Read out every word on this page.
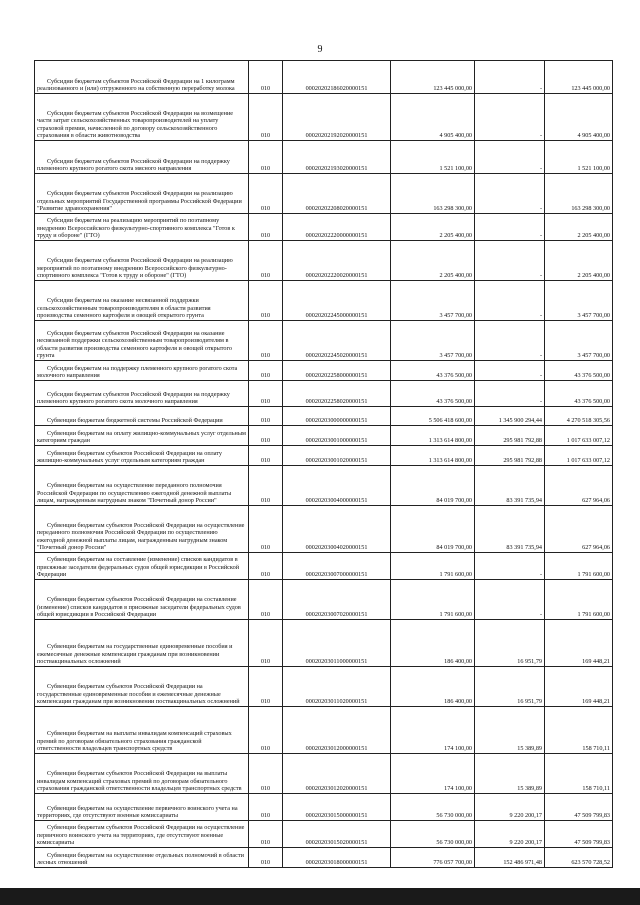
9
Субсидии бюджетам субъектов Российской Федерации на 1 килограмм реализованного и (или) отгруженного на собственную переработку молока	010	00020202186020000151	123 445 000,00	-	123 445 000,00
Субсидии бюджетам субъектов Российской Федерации на возмещение части затрат сельскохозяйственных товаропроизводителей на уплату страховой премии, начисленной по договору сельскохозяйственного страхования в области животноводства	010	00020202192020000151	4 905 400,00	-	4 905 400,00
Субсидии бюджетам субъектов Российской Федерации на поддержку племенного крупного рогатого скота мясного направления	010	00020202193020000151	1 521 100,00	-	1 521 100,00
Субсидии бюджетам субъектов Российской Федерации на реализацию отдельных мероприятий Государственной программы Российской Федерации "Развитие здравоохранения"	010	00020202208020000151	163 298 300,00	-	163 298 300,00
Субсидии бюджетам на реализацию мероприятий по поэтапному внедрению Всероссийского физкультурно-спортивного комплекса "Готов к труду и обороне" (ГТО)	010	00020202220000000151	2 205 400,00	-	2 205 400,00
Субсидии бюджетам субъектов Российской Федерации на реализацию мероприятий по поэтапному внедрению Всероссийского физкультурно-спортивного комплекса "Готов к труду и обороне" (ГТО)	010	00020202220020000151	2 205 400,00	-	2 205 400,00
Субсидии бюджетам на оказание несвязанной поддержки сельскохозяйственным товаропроизводителям в области развития производства семенного картофеля и овощей открытого грунта	010	00020202245000000151	3 457 700,00	-	3 457 700,00
Субсидии бюджетам субъектов Российской Федерации на оказание несвязанной поддержки сельскохозяйственным товаропроизводителям в области развития производства семенного картофеля и овощей открытого грунта	010	00020202245020000151	3 457 700,00	-	3 457 700,00
Субсидии бюджетам на поддержку племенного крупного рогатого скота молочного направления	010	00020202258000000151	43 376 500,00	-	43 376 500,00
Субсидии бюджетам субъектов Российской Федерации на поддержку племенного крупного рогатого скота молочного направления	010	00020202258020000151	43 376 500,00	-	43 376 500,00
Субвенции бюджетам бюджетной системы Российской Федерации	010	00020203000000000151	5 506 418 600,00	1 345 900 294,44	4 270 518 305,56
Субвенции бюджетам на оплату жилищно-коммунальных услуг отдельным категориям граждан	010	00020203001000000151	1 313 614 800,00	295 981 792,88	1 017 633 007,12
Субвенции бюджетам субъектов Российской Федерации на оплату жилищно-коммунальных услуг отдельным категориям граждан	010	00020203001020000151	1 313 614 800,00	295 981 792,88	1 017 633 007,12
Субвенции бюджетам на осуществление переданного полномочия Российской Федерации по осуществлению ежегодной денежной выплаты лицам, награжденным нагрудным знаком "Почетный донор России"	010	00020203004000000151	84 019 700,00	83 391 735,94	627 964,06
Субвенции бюджетам субъектов Российской Федерации на осуществление переданного полномочия Российской Федерации по осуществлению ежегодной денежной выплаты лицам, награжденным нагрудным знаком "Почетный донор России"	010	00020203004020000151	84 019 700,00	83 391 735,94	627 964,06
Субвенции бюджетам на составление (изменение) списков кандидатов в присяжные заседатели федеральных судов общей юрисдикции в Российской Федерации	010	00020203007000000151	1 791 600,00	-	1 791 600,00
Субвенции бюджетам субъектов Российской Федерации на составление (изменение) списков кандидатов в присяжные заседатели федеральных судов общей юрисдикции в Российской Федерации	010	00020203007020000151	1 791 600,00	-	1 791 600,00
Субвенции бюджетам на государственные единовременные пособия и ежемесячные денежные компенсации гражданам при возникновении поствакцинальных осложнений	010	00020203011000000151	186 400,00	16 951,79	169 448,21
Субвенции бюджетам субъектов Российской Федерации на государственные единовременные пособия и ежемесячные денежные компенсации гражданам при возникновении поствакцинальных осложнений	010	00020203011020000151	186 400,00	16 951,79	169 448,21
Субвенции бюджетам на выплаты инвалидам компенсаций страховых премий по договорам обязательного страхования гражданской ответственности владельцев транспортных средств	010	00020203012000000151	174 100,00	15 389,89	158 710,11
Субвенции бюджетам субъектов Российской Федерации на выплаты инвалидам компенсаций страховых премий по договорам обязательного страхования гражданской ответственности владельцев транспортных средств	010	00020203012020000151	174 100,00	15 389,89	158 710,11
Субвенции бюджетам на осуществление первичного воинского учета на территориях, где отсутствуют военные комиссариаты	010	00020203015000000151	56 730 000,00	9 220 200,17	47 509 799,83
Субвенции бюджетам субъектов Российской Федерации на осуществление первичного воинского учета на территориях, где отсутствуют военные комиссариаты	010	00020203015020000151	56 730 000,00	9 220 200,17	47 509 799,83
Субвенции бюджетам на осуществление отдельных полномочий в области лесных отношений	010	00020203018000000151	776 057 700,00	152 486 971,48	623 570 728,52
